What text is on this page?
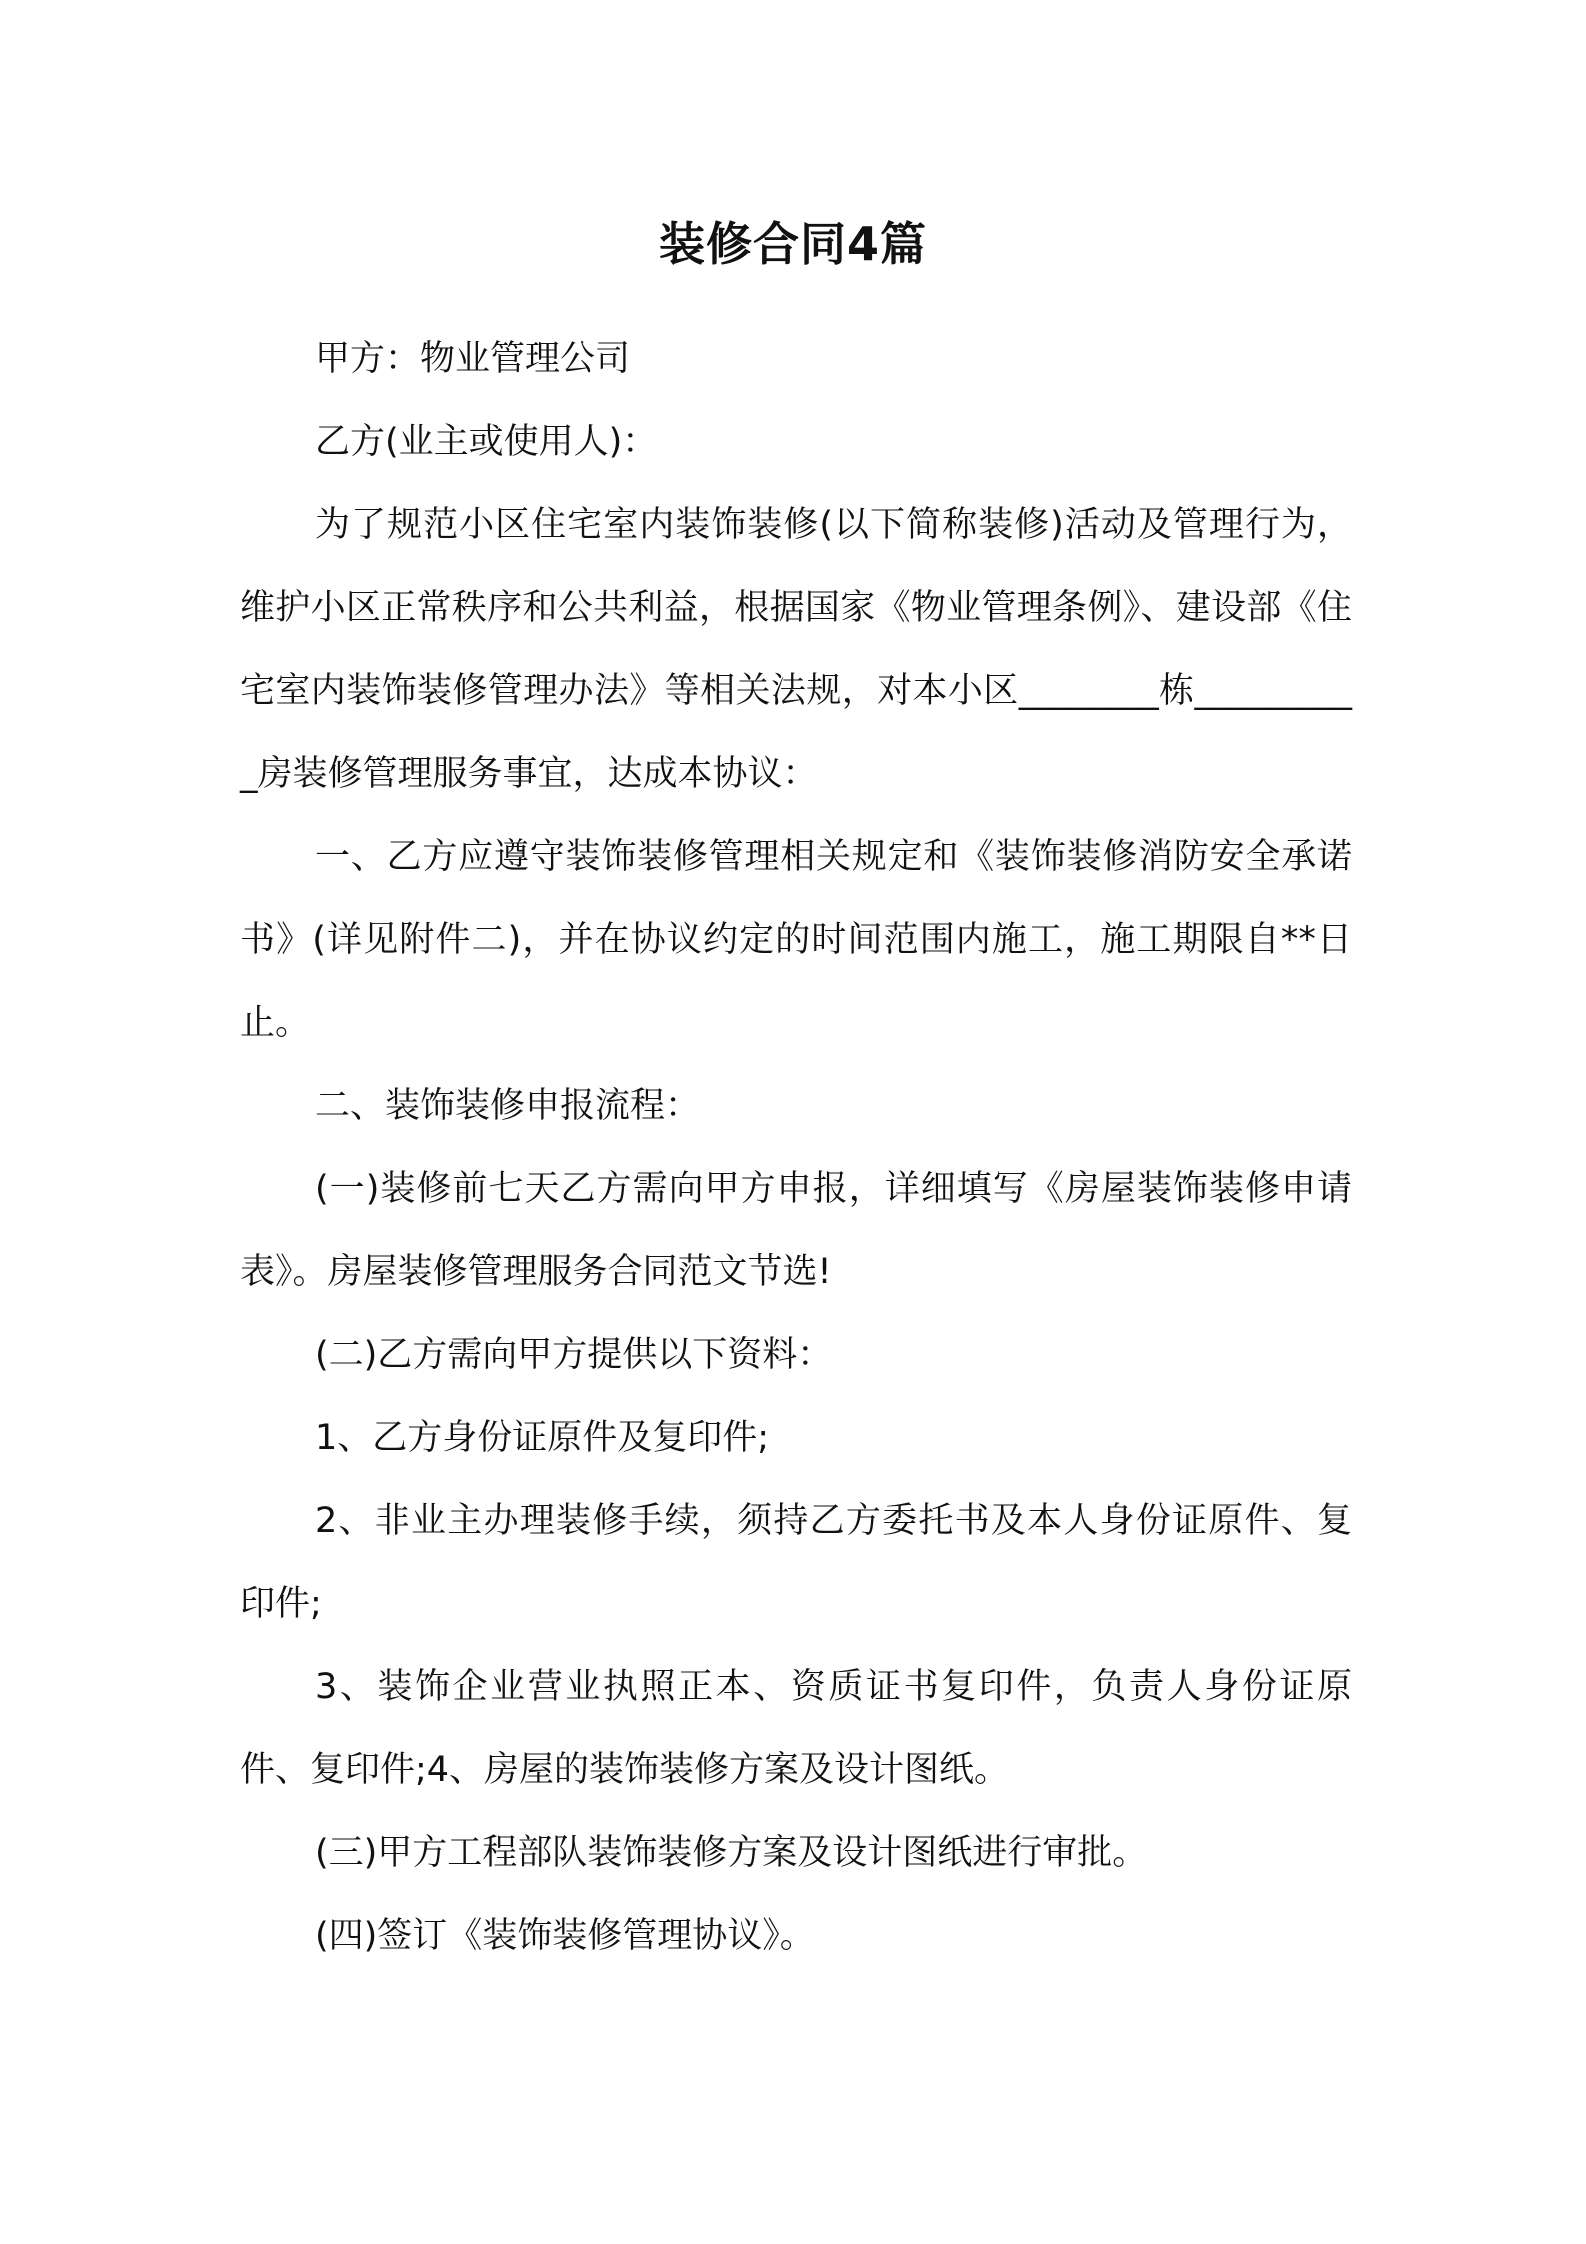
装修合同4篇

甲方：物业管理公司

乙方(业主或使用人)：

为了规范小区住宅室内装饰装修(以下简称装修)活动及管理行为，维护小区正常秩序和公共利益，根据国家《物业管理条例》、建设部《住宅室内装饰装修管理办法》等相关法规，对本小区________栋__________房装修管理服务事宜，达成本协议：

一、乙方应遵守装饰装修管理相关规定和《装饰装修消防安全承诺书》(详见附件二)，并在协议约定的时间范围内施工，施工期限自**日止。

二、装饰装修申报流程：

(一)装修前七天乙方需向甲方申报，详细填写《房屋装饰装修申请表》。房屋装修管理服务合同范文节选!

(二)乙方需向甲方提供以下资料：

1、乙方身份证原件及复印件;

2、非业主办理装修手续，须持乙方委托书及本人身份证原件、复印件;

3、装饰企业营业执照正本、资质证书复印件，负责人身份证原件、复印件;4、房屋的装饰装修方案及设计图纸。

(三)甲方工程部队装饰装修方案及设计图纸进行审批。

(四)签订《装饰装修管理协议》。
